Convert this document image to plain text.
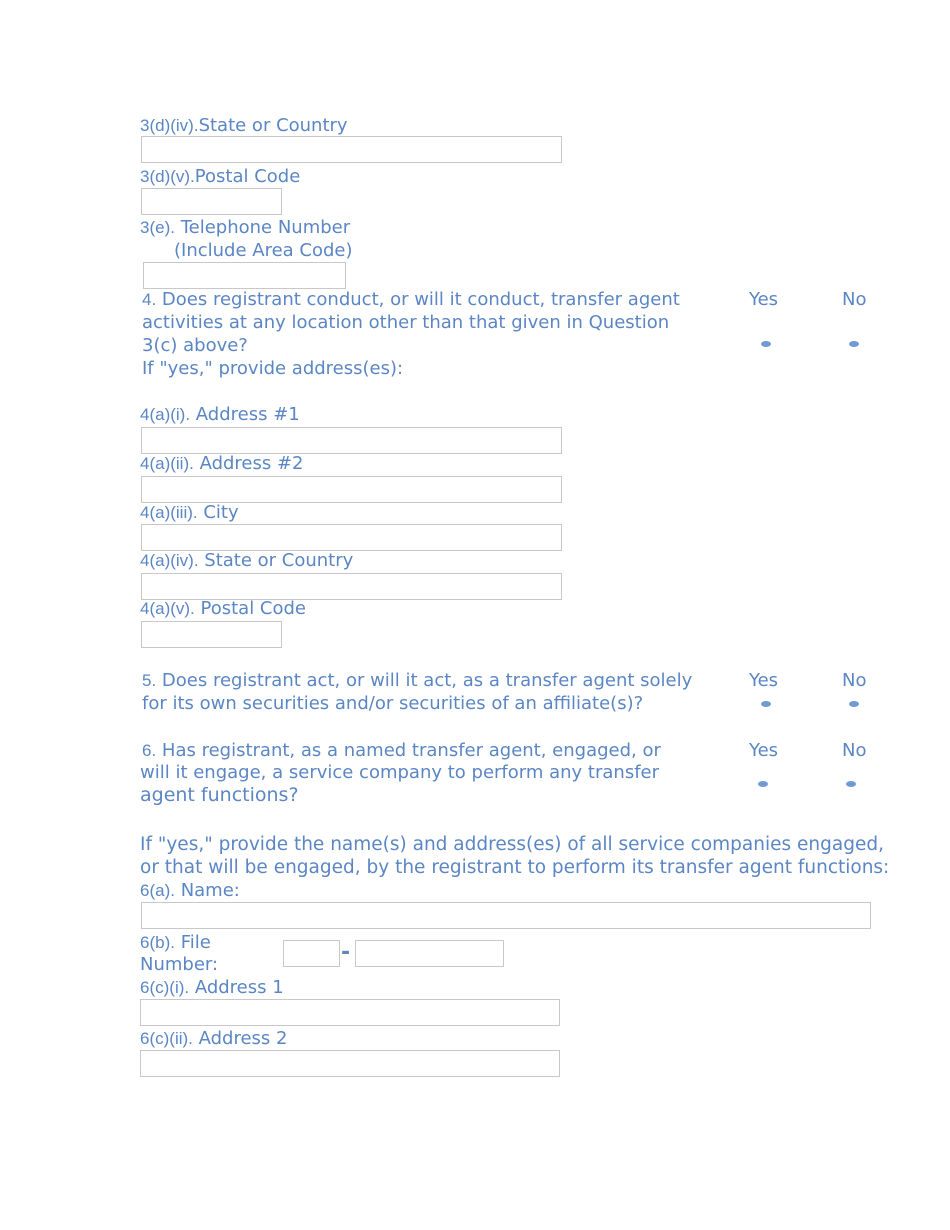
3(d)(iv).State or Country
3(d)(v).Postal Code
3(e). Telephone Number
(Include Area Code)
4. Does registrant conduct, or will it conduct, transfer agent
activities at any location other than that given in Question
3(c) above?
If "yes," provide address(es):
Yes	No
4(a)(i). Address #1
4(a)(ii). Address #2
4(a)(iii). City
4(a)(iv). State or Country
4(a)(v). Postal Code
5. Does registrant act, or will it act, as a transfer agent solely
for its own securities and/or securities of an affiliate(s)?
Yes	No
6. Has registrant, as a named transfer agent, engaged, or
will it engage, a service company to perform any transfer
agent functions?
Yes	No
If "yes," provide the name(s) and address(es) of all service companies engaged,
or that will be engaged, by the registrant to perform its transfer agent functions:
6(a). Name:
6(b). File
Number:	-
6(c)(i). Address 1
6(c)(ii). Address 2
